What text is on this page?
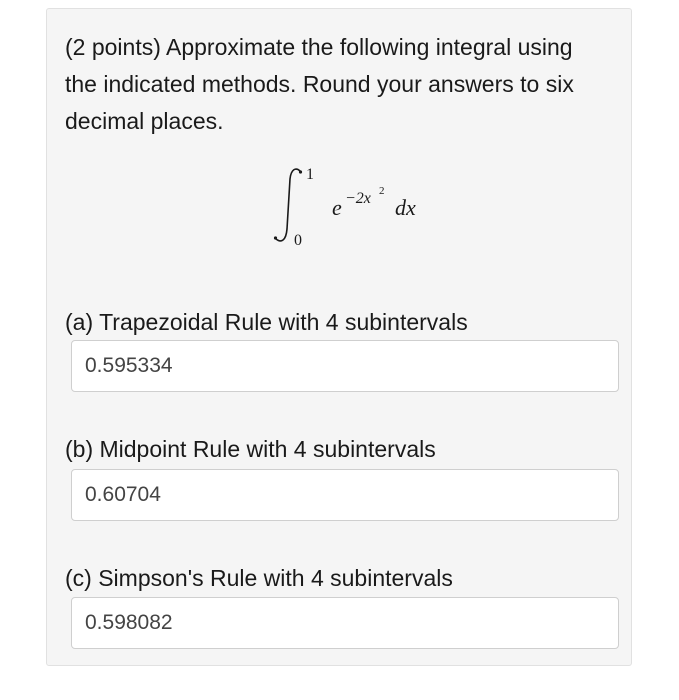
(2 points) Approximate the following integral using the indicated methods. Round your answers to six decimal places.

1
0
e −2x 2
dx

(a) Trapezoidal Rule with 4 subintervals

0.595334

(b) Midpoint Rule with 4 subintervals

0.60704

(c) Simpson's Rule with 4 subintervals

0.598082
